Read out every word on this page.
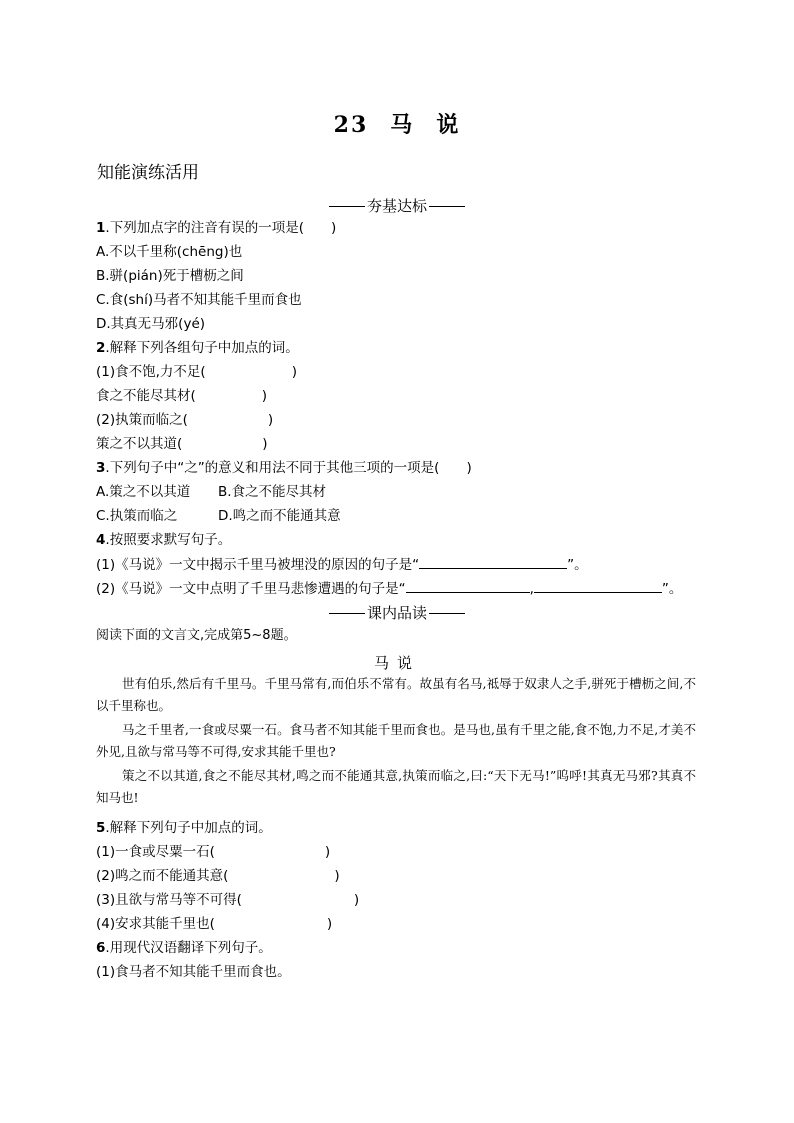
23 马 说
知能演练活用
夯基达标
1.下列加点字的注音有误的一项是(　　)
A.不以千里称(chēng)也
B.骈(pián)死于槽枥之间
C.食(shí)马者不知其能千里而食也
D.其真无马邪(yé)
2.解释下列各组句子中加点的词。
(1)食不饱,力不足(	)
食之不能尽其材(	)
(2)执策而临之(	)
策之不以其道(	)
3.下列句子中“之”的意义和用法不同于其他三项的一项是(　　)
A.策之不以其道 B.食之不能尽其材
C.执策而临之	D.鸣之而不能通其意
4.按照要求默写句子。
(1)《马说》一文中揭示千里马被埋没的原因的句子是“	”。
(2)《马说》一文中点明了千里马悲惨遭遇的句子是“	,	”。
课内品读
阅读下面的文言文,完成第5~8题。
马说

世有伯乐,然后有千里马。千里马常有,而伯乐不常有。故虽有名马,祗辱于奴隶人之手,骈死于槽枥之间,不以千里称也。

马之千里者,一食或尽粟一石。食马者不知其能千里而食也。是马也,虽有千里之能,食不饱,力不足,才美不外见,且欲与常马等不可得,安求其能千里也?

策之不以其道,食之不能尽其材,鸣之而不能通其意,执策而临之,曰:“天下无马!”呜呼!其真无马邪?其真不知马也!

5.解释下列句子中加点的词。
(1)一食或尽粟一石(	)
(2)鸣之而不能通其意(	)
(3)且欲与常马等不可得(	)
(4)安求其能千里也(	)
6.用现代汉语翻译下列句子。
(1)食马者不知其能千里而食也。
